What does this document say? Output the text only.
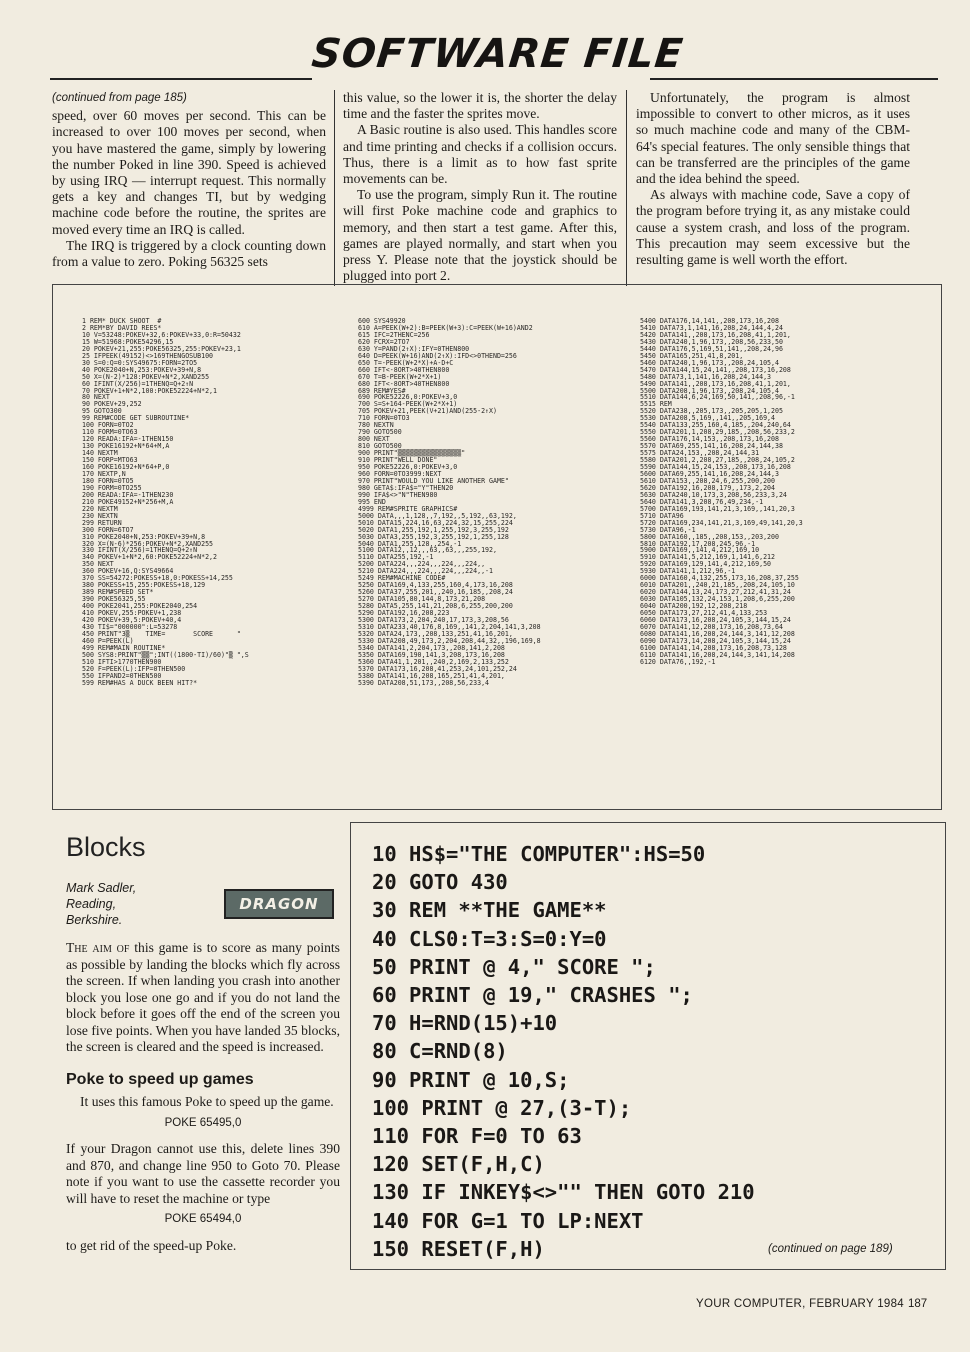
SOFTWARE FILE
(continued from page 185)

speed, over 60 moves per second. This can be increased to over 100 moves per second, when you have mastered the game, simply by lowering the number Poked in line 390. Speed is achieved by using IRQ — interrupt request. This normally gets a key and changes TI, but by wedging machine code before the routine, the sprites are moved every time an IRQ is called.

The IRQ is triggered by a clock counting down from a value to zero. Poking 56325 sets

this value, so the lower it is, the shorter the delay time and the faster the sprites move.

A Basic routine is also used. This handles score and time printing and checks if a collision occurs. Thus, there is a limit as to how fast sprite movements can be.

To use the program, simply Run it. The routine will first Poke machine code and graphics to memory, and then start a test game. After this, games are played normally, and start when you press Y. Please note that the joystick should be plugged into port 2.

Unfortunately, the program is almost impossible to convert to other micros, as it uses so much machine code and many of the CBM-64's special features. The only sensible things that can be transferred are the principles of the game and the idea behind the speed.

As always with machine code, Save a copy of the program before trying it, as any mistake could cause a system crash, and loss of the program. This precaution may seem excessive but the resulting game is well worth the effort.

1 REM* DUCK SHOOT  #
2 REM*BY DAVID REES*
10 V=53248:POKEV+32,6:POKEV+33,0:R=50432
15 W=51968:POKE54296,15
20 POKEV+21,255:POKE56325,255:POKEV+23,1
25 IFPEEK(49152)<>169THENGOSUB100
30 S=0:Q=0:SYS49675:FORN=2TO5
40 POKE2040+N,253:POKEV+39+N,8
50 X=(N-2)*128:POKEV+N*2,XAND255
60 IFINT(X/256)=1THENQ=Q+2↑N
70 POKEV+1+N*2,100:POKE52224+N*2,1
80 NEXT
90 POKEV+29,252
95 GOTO300
99 REM#CODE GET SUBROUTINE*
100 FORN=0TO2
110 FORM=0TO63
120 READA:IFA=-1THEN150
130 POKE16192+N*64+M,A
140 NEXTM
150 FORP=MTO63
160 POKE16192+N*64+P,0
170 NEXTP,N
180 FORN=0TO5
190 FORM=0TO255
200 READA:IFA=-1THEN230
210 POKE49152+N*256+M,A
220 NEXTM
230 NEXTN
299 RETURN
300 FORN=6TO7
310 POKE2040+N,253:POKEV+39+N,8
320 X=(N-6)*256:POKEV+N*2,XAND255
330 IFINT(X/256)=1THENQ=Q+2↑N
340 POKEV+1+N*2,60:POKE52224+N*2,2
350 NEXT
360 POKEV+16,Q:SYS49664
370 SS=54272:POKESS+18,0:POKESS+14,255
380 POKESS+15,255:POKESS+18,129
389 REM#SPEED SET*
390 POKE56325,55
400 POKE2041,255:POKE2040,254
410 POKEV,255:POKEV+1,238
420 POKEV+39,5:POKEV+40,4
430 TI$="000000":L=53278
450 PRINT"3▒    TIME=       SCORE      "
460 P=PEEK(L)
499 REM#MAIN ROUTINE*
500 SYS8:PRINT"▒▒";INT((1800-TI)/60)"▒ ",S
510 IFTI>1770THEN900
520 F=PEEK(L):IFP=0THEN500
550 IFPAND2=0THEN500
599 REM#HAS A DUCK BEEN HIT?*
600 SYS49920
610 A=PEEK(W+2):B=PEEK(W+3):C=PEEK(W+16)AND2
615 IFC=2THENC=256
620 FCRX=2TO7
630 Y=PAND(2↑X):IFY=0THEN800
640 D=PEEK(W+16)AND(2↑X):IFD<>0THEND=256
650 T=-PEEK(W+2*X)+A-D+C
660 IFT<-8ORT>40THEN800
670 T=B-PEEK(W+2*X+1)
680 IFT<-8ORT>40THEN800
689 REM#YES#
690 POKE52226,0:POKEV+3,0
700 S=S+164-PEEK(W+2*X+1)
705 POKEV+21,PEEK(V+21)AND(255-2↑X)
710 FORN=0TO3
780 NEXTN
790 GOTO500
800 NEXT
810 GOTO500
900 PRINT"▒▒▒▒▒▒▒▒▒▒▒▒▒▒▒▒"
910 PRINT"WELL DONE"
950 POKE52226,0:POKEV+3,0
960 FORN=0TO3999:NEXT
970 PRINT"WOULD YOU LIKE ANOTHER GAME"
980 GETA$:IFA$="Y"THEN20
990 IFA$<>"N"THEN980
995 END
4999 REM#SPRITE GRAPHICS#
5000 DATA,,,1,128,,7,192,,5,192,,63,192,
5010 DATA15,224,16,63,224,32,15,255,224
5020 DATA1,255,192,1,255,192,3,255,192
5030 DATA3,255,192,3,255,192,1,255,128
5040 DATA1,255,128,,254,-1
5100 DATA12,,12,,,63,,63,,,255,192,
5110 DATA255,192,-1
5200 DATA224,,,224,,,224,,,224,,
5210 DATA224,,,224,,,224,,,224,,-1
5249 REM#MACHINE CODE#
5250 DATA169,4,133,255,160,4,173,16,208
5260 DATA37,255,201,,240,16,185,,208,24
5270 DATA105,80,144,8,173,21,208
5280 DATA5,255,141,21,208,6,255,200,200
5290 DATA192,16,208,223
5300 DATA173,2,204,240,17,173,3,208,56
5310 DATA233,40,176,8,169,,141,2,204,141,3,208
5320 DATA24,173,,208,133,251,41,16,201,
5330 DATA208,49,173,2,204,208,44,32,,196,169,8
5340 DATA141,2,204,173,,208,141,2,208
5350 DATA169,190,141,3,208,173,16,208
5360 DATA41,1,201,,240,2,169,2,133,252
5370 DATA173,16,208,41,253,24,101,252,24
5380 DATA141,16,208,165,251,41,4,201,
5390 DATA208,51,173,,208,56,233,4
5400 DATA176,14,141,,208,173,16,208
5410 DATA73,1,141,16,208,24,144,4,24
5420 DATA141,,208,173,16,208,41,1,201,
5430 DATA240,1,96,173,,208,56,233,50
5440 DATA176,5,169,51,141,,208,24,96
5450 DATA165,251,41,8,201,
5460 DATA240,1,96,173,,208,24,105,4
5470 DATA144,15,24,141,,208,173,16,208
5480 DATA73,1,141,16,208,24,144,3
5490 DATA141,,208,173,16,208,41,1,201,
5500 DATA208,1,96,173,,208,24,105,4
5510 DATA144,6,24,169,50,141,,208,96,-1
5515 REM
5520 DATA238,,205,173,,205,205,1,205
5530 DATA208,5,169,,141,,205,169,4
5540 DATA133,255,160,4,185,,204,240,64
5550 DATA201,1,208,29,185,,208,56,233,2
5560 DATA176,14,153,,208,173,16,208
5570 DATA69,255,141,16,208,24,144,38
5575 DATA24,153,,208,24,144,31
5580 DATA201,2,208,27,185,,208,24,105,2
5590 DATA144,15,24,153,,208,173,16,208
5600 DATA69,255,141,16,208,24,144,3
5610 DATA153,,208,24,6,255,200,200
5620 DATA192,16,208,179,,173,2,204
5630 DATA240,10,173,3,208,56,233,3,24
5640 DATA141,3,208,76,49,234,-1
5700 DATA169,193,141,21,3,169,,141,20,3
5710 DATA96
5720 DATA169,234,141,21,3,169,49,141,20,3
5730 DATA96,-1
5800 DATA160,,185,,208,153,,203,200
5810 DATA192,17,208,245,96,-1
5900 DATA169,,141,4,212,169,10
5910 DATA141,5,212,169,1,141,6,212
5920 DATA169,129,141,4,212,169,50
5930 DATA141,1,212,96,-1
6000 DATA160,4,132,255,173,16,208,37,255
6010 DATA201,,240,21,185,,208,24,105,10
6020 DATA144,13,24,173,27,212,41,31,24
6030 DATA105,132,24,153,1,208,6,255,200
6040 DATA200,192,12,208,218
6050 DATA173,27,212,41,4,133,253
6060 DATA173,16,208,24,105,3,144,15,24
6070 DATA141,12,208,173,16,208,73,64
6080 DATA141,16,208,24,144,3,141,12,208
6090 DATA173,14,208,24,105,3,144,15,24
6100 DATA141,14,208,173,16,208,73,128
6110 DATA141,16,208,24,144,3,141,14,208
6120 DATA76,,192,-1
Blocks
Mark Sadler,
Reading,
Berkshire.
DRAGON

The aim of this game is to score as many points as possible by landing the blocks which fly across the screen. If when landing you crash into another block you lose one go and if you do not land the block before it goes off the end of the screen you lose five points. When you have landed 35 blocks, the screen is cleared and the speed is increased.

Poke to speed up games

It uses this famous Poke to speed up the game.

POKE 65495,0

If your Dragon cannot use this, delete lines 390 and 870, and change line 950 to Goto 70. Please note if you want to use the cassette recorder you will have to reset the machine or type

POKE 65494,0

to get rid of the speed-up Poke.

10 HS$="THE COMPUTER":HS=50
20 GOTO 430
30 REM **THE GAME**
40 CLS0:T=3:S=0:Y=0
50 PRINT @ 4," SCORE ";
60 PRINT @ 19," CRASHES ";
70 H=RND(15)+10
80 C=RND(8)
90 PRINT @ 10,S;
100 PRINT @ 27,(3-T);
110 FOR F=0 TO 63
120 SET(F,H,C)
130 IF INKEY$<>"" THEN GOTO 210
140 FOR G=1 TO LP:NEXT
150 RESET(F,H)	(continued on page 189)
YOUR COMPUTER, FEBRUARY 1984 187
